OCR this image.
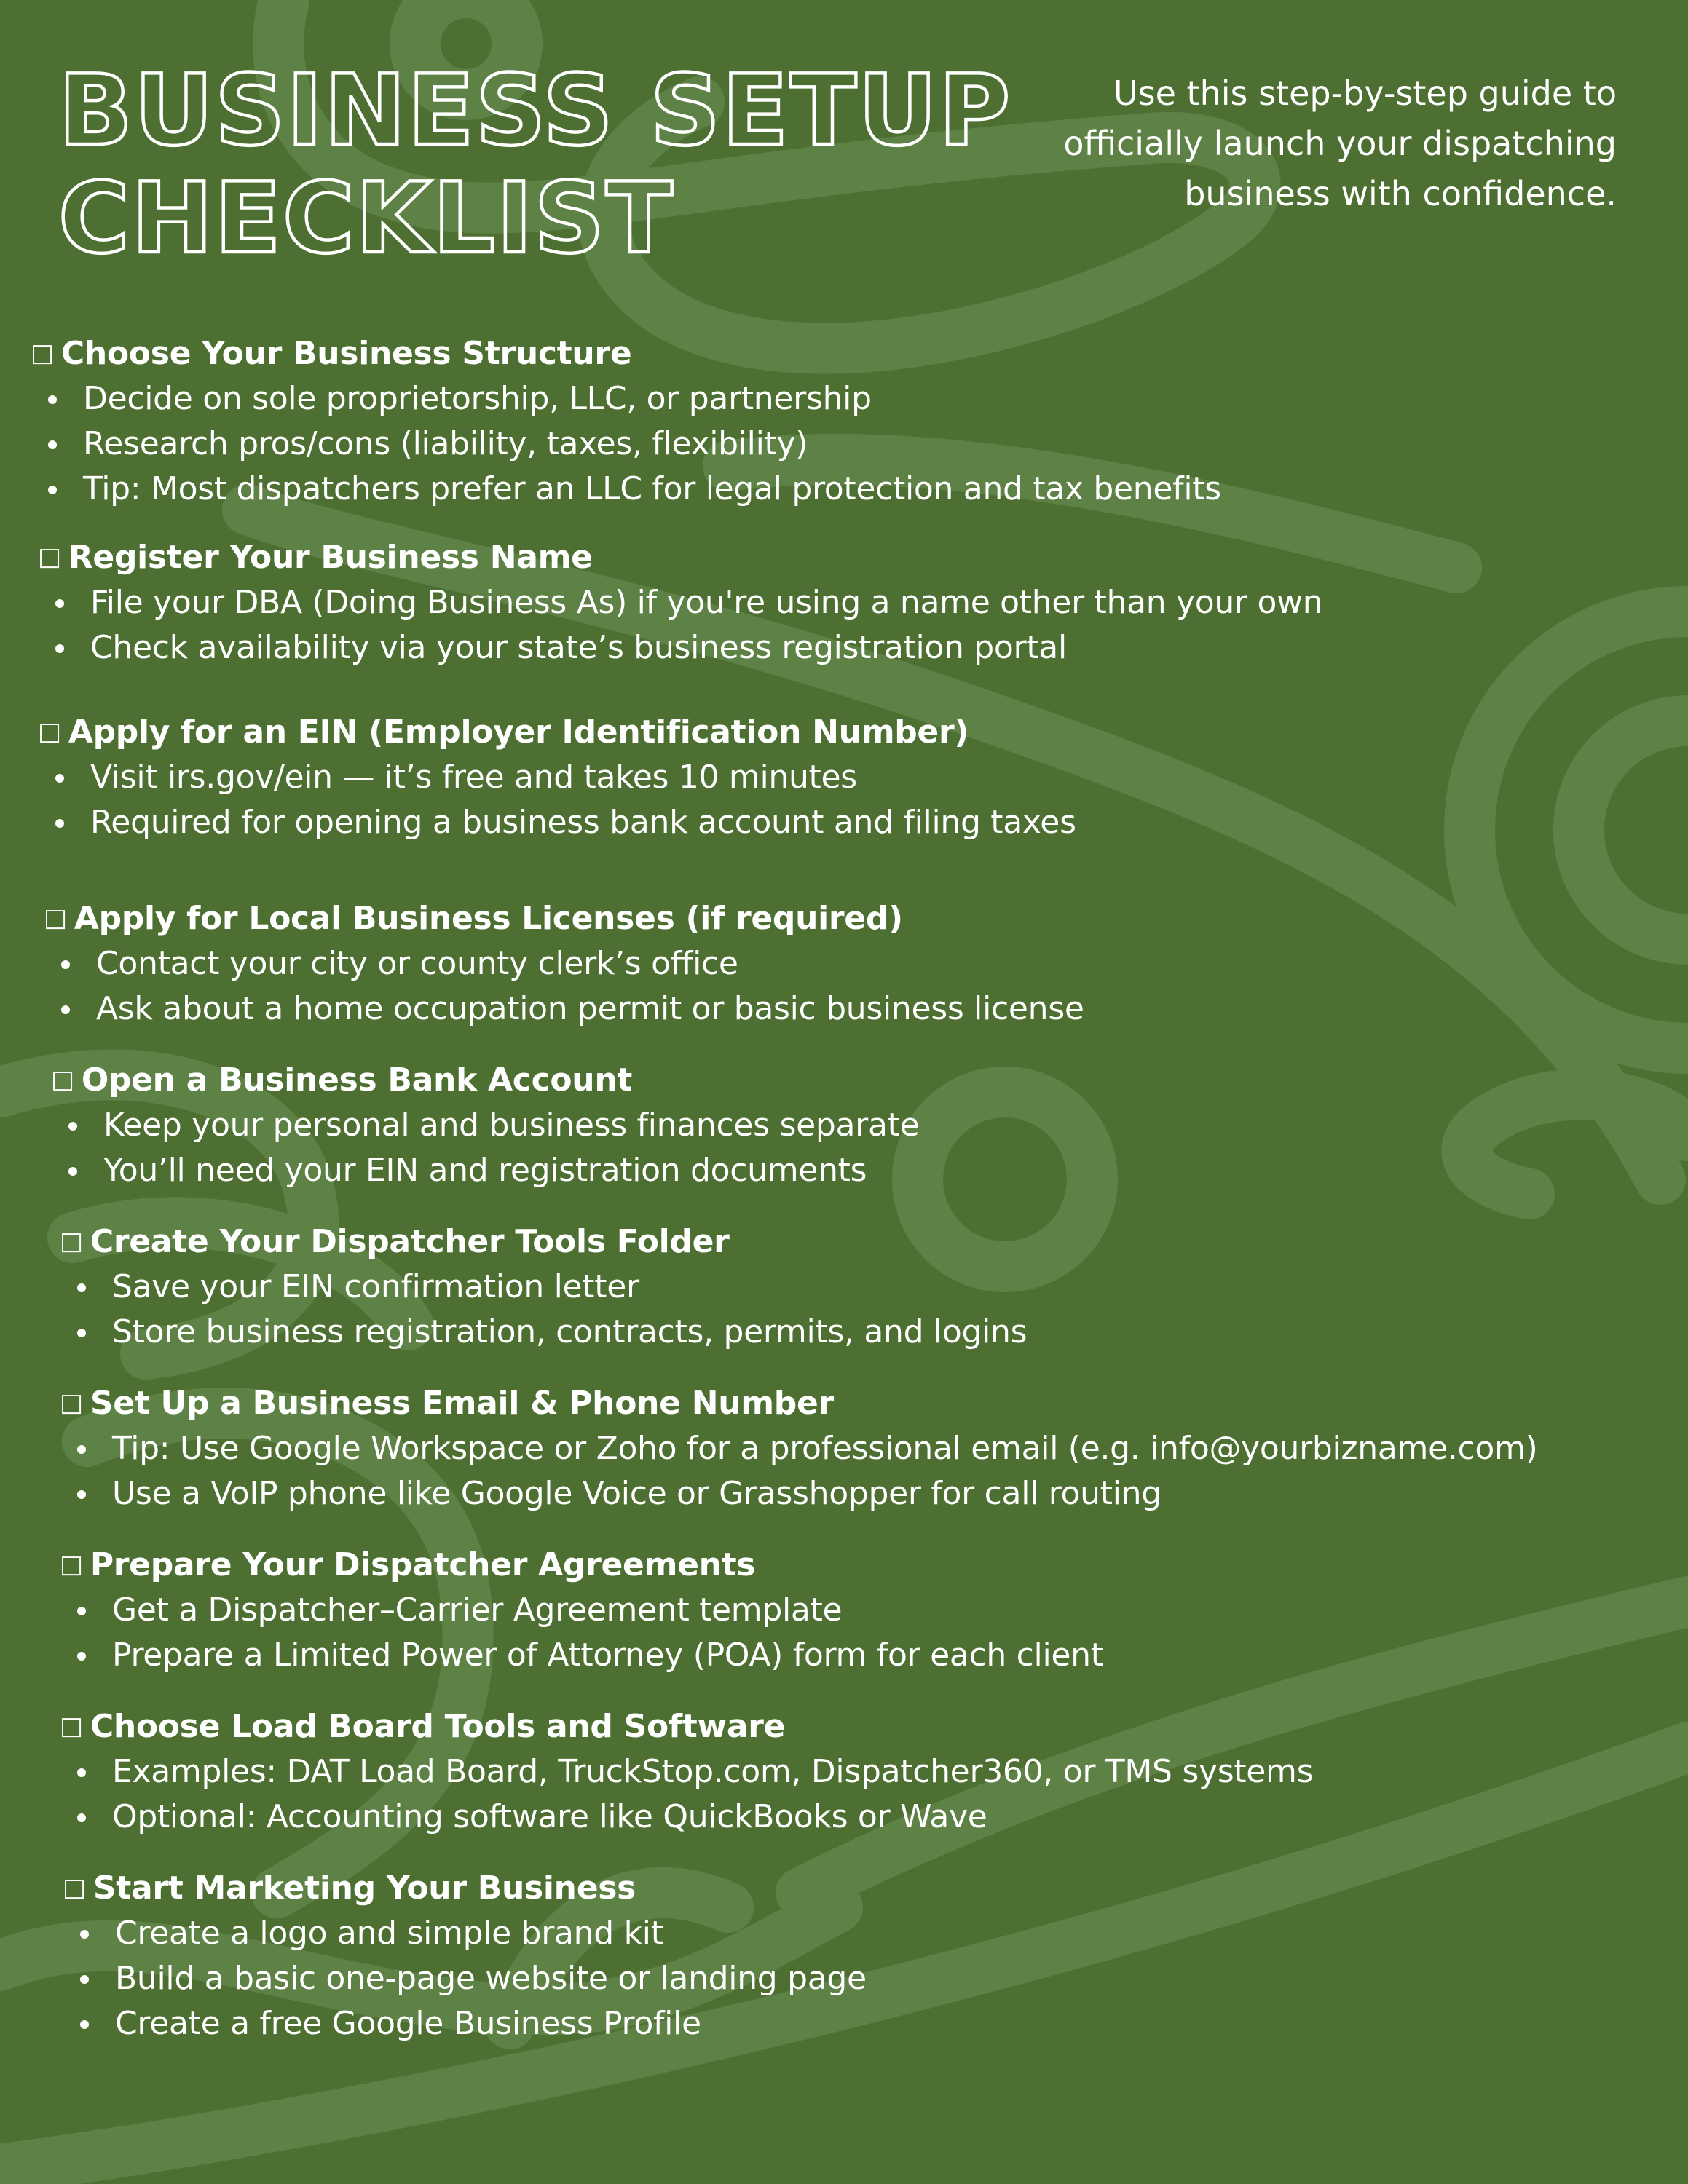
BUSINESS SETUP
CHECKLIST

Use this step-by-step guide to officially launch your dispatching business with confidence.

□ Choose Your Business Structure

Decide on sole proprietorship, LLC, or partnership
Research pros/cons (liability, taxes, flexibility)
Tip: Most dispatchers prefer an LLC for legal protection and tax benefits

□ Register Your Business Name

File your DBA (Doing Business As) if you're using a name other than your own
Check availability via your state’s business registration portal

□ Apply for an EIN (Employer Identification Number)

Visit irs.gov/ein — it’s free and takes 10 minutes
Required for opening a business bank account and filing taxes

□ Apply for Local Business Licenses (if required)

Contact your city or county clerk’s office
Ask about a home occupation permit or basic business license

□ Open a Business Bank Account

Keep your personal and business finances separate
You’ll need your EIN and registration documents

□ Create Your Dispatcher Tools Folder

Save your EIN confirmation letter
Store business registration, contracts, permits, and logins

□ Set Up a Business Email & Phone Number

Tip: Use Google Workspace or Zoho for a professional email (e.g. info@yourbizname.com)
Use a VoIP phone like Google Voice or Grasshopper for call routing

□ Prepare Your Dispatcher Agreements

Get a Dispatcher–Carrier Agreement template
Prepare a Limited Power of Attorney (POA) form for each client

□ Choose Load Board Tools and Software

Examples: DAT Load Board, TruckStop.com, Dispatcher360, or TMS systems
Optional: Accounting software like QuickBooks or Wave

□ Start Marketing Your Business

Create a logo and simple brand kit
Build a basic one-page website or landing page
Create a free Google Business Profile
